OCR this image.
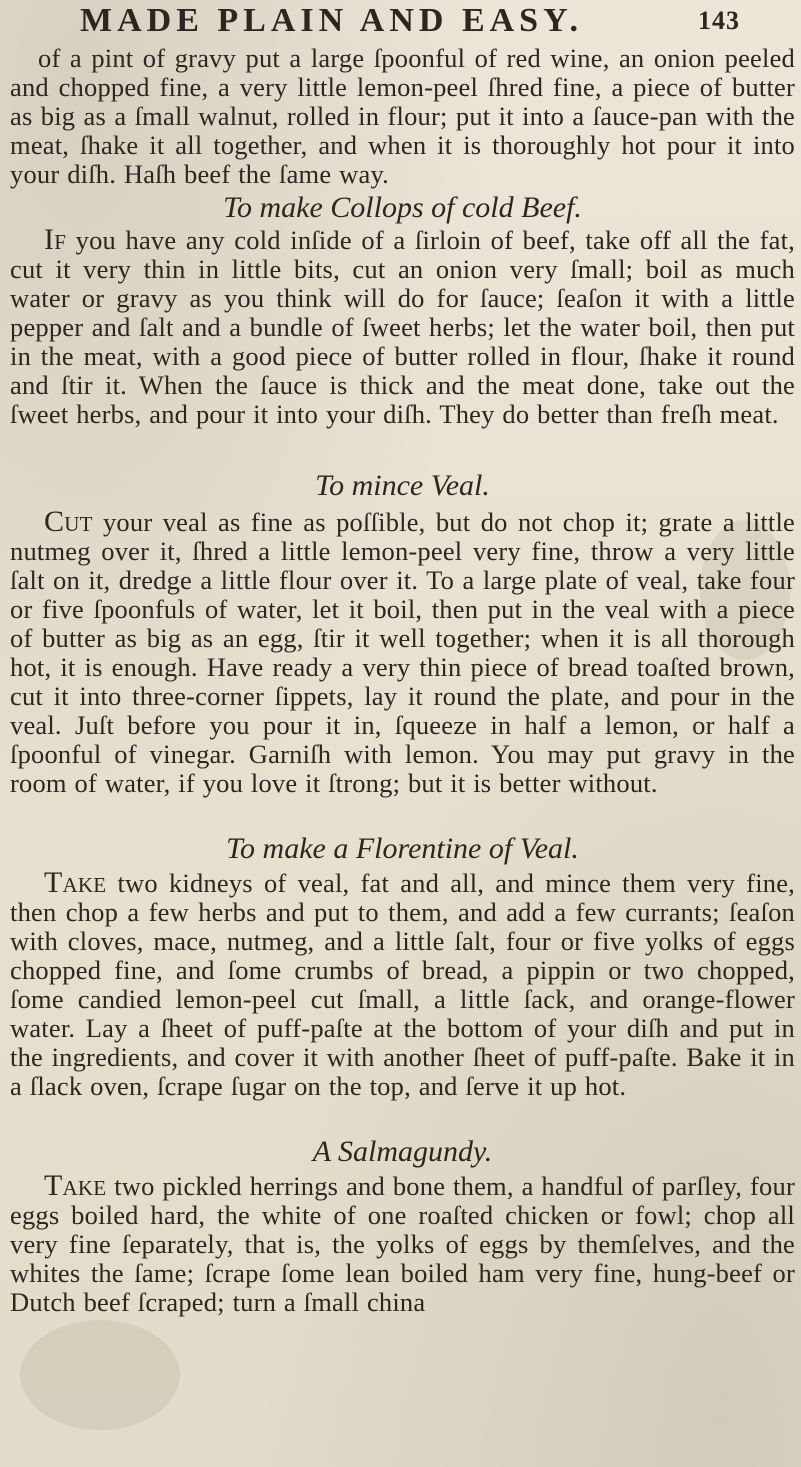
MADE PLAIN AND EASY.	143

of a pint of gravy put a large ſpoonful of red wine, an onion peeled and chopped fine, a very little lemon-peel ſhred fine, a piece of butter as big as a ſmall walnut, rolled in flour; put it into a ſauce-pan with the meat, ſhake it all together, and when it is thoroughly hot pour it into your diſh. Haſh beef the ſame way.

To make Collops of cold Beef.

If you have any cold inſide of a ſirloin of beef, take off all the fat, cut it very thin in little bits, cut an onion very ſmall; boil as much water or gravy as you think will do for ſauce; ſeaſon it with a little pepper and ſalt and a bundle of ſweet herbs; let the water boil, then put in the meat, with a good piece of butter rolled in flour, ſhake it round and ſtir it. When the ſauce is thick and the meat done, take out the ſweet herbs, and pour it into your diſh. They do better than freſh meat.

To mince Veal.

Cut your veal as fine as poſſible, but do not chop it; grate a little nutmeg over it, ſhred a little lemon-peel very fine, throw a very little ſalt on it, dredge a little flour over it. To a large plate of veal, take four or five ſpoonfuls of water, let it boil, then put in the veal with a piece of butter as big as an egg, ſtir it well together; when it is all thorough hot, it is enough. Have ready a very thin piece of bread toaſted brown, cut it into three-corner ſippets, lay it round the plate, and pour in the veal. Juſt before you pour it in, ſqueeze in half a lemon, or half a ſpoonful of vinegar. Garniſh with lemon. You may put gravy in the room of water, if you love it ſtrong; but it is better without.

To make a Florentine of Veal.

Take two kidneys of veal, fat and all, and mince them very fine, then chop a few herbs and put to them, and add a few currants; ſeaſon with cloves, mace, nutmeg, and a little ſalt, four or five yolks of eggs chopped fine, and ſome crumbs of bread, a pippin or two chopped, ſome candied lemon-peel cut ſmall, a little ſack, and orange-flower water. Lay a ſheet of puff-paſte at the bottom of your diſh and put in the ingredients, and cover it with another ſheet of puff-paſte. Bake it in a ſlack oven, ſcrape ſugar on the top, and ſerve it up hot.

A Salmagundy.

Take two pickled herrings and bone them, a handful of parſley, four eggs boiled hard, the white of one roaſted chicken or fowl; chop all very fine ſeparately, that is, the yolks of eggs by themſelves, and the whites the ſame; ſcrape ſome lean boiled ham very fine, hung-beef or Dutch beef ſcraped; turn a ſmall china
